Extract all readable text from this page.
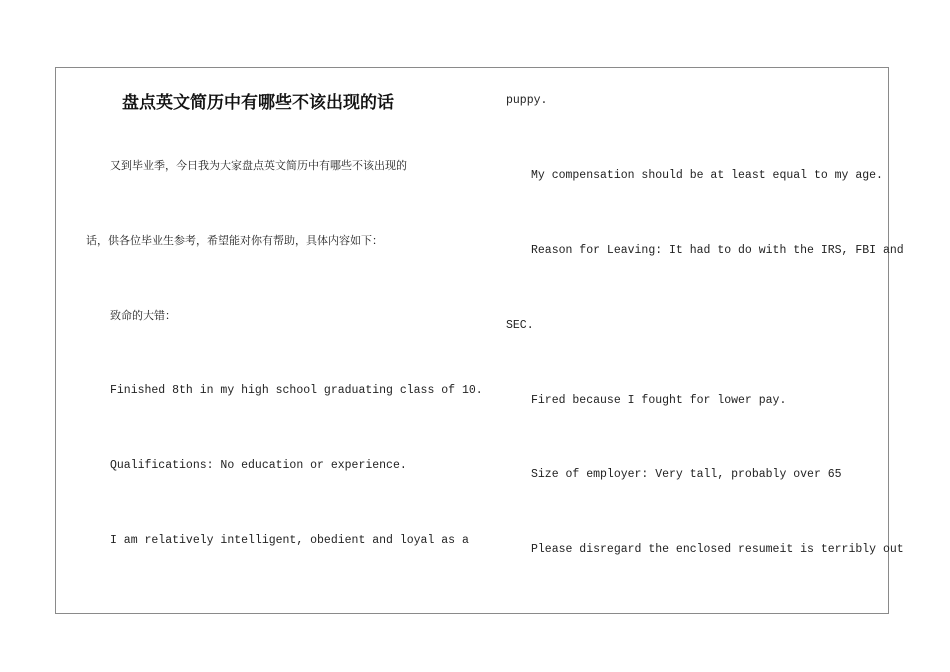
盘点英文简历中有哪些不该出现的话
又到毕业季，今日我为大家盘点英文简历中有哪些不该出现的
话，供各位毕业生参考，希望能对你有帮助，具体内容如下：
致命的大错：
Finished 8th in my high school graduating class of 10.
Qualifications: No education or experience.
I am relatively intelligent, obedient and loyal as a
puppy.
My compensation should be at least equal to my age.
Reason for Leaving: It had to do with the IRS, FBI and
SEC.
Fired because I fought for lower pay.
Size of employer: Very tall, probably over 65
Please disregard the enclosed resumeit is terribly out
